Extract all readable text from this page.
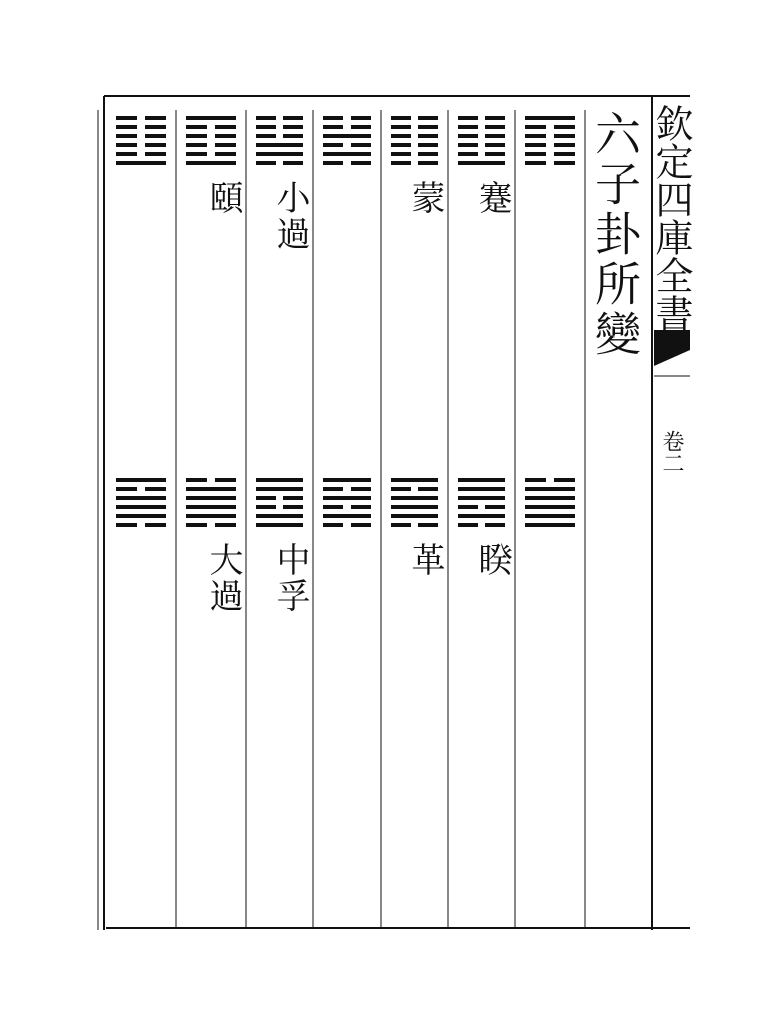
欽定四庫全書
卷二
六子卦所變
蹇
蒙
小過
頤
睽
革
中孚
大過
